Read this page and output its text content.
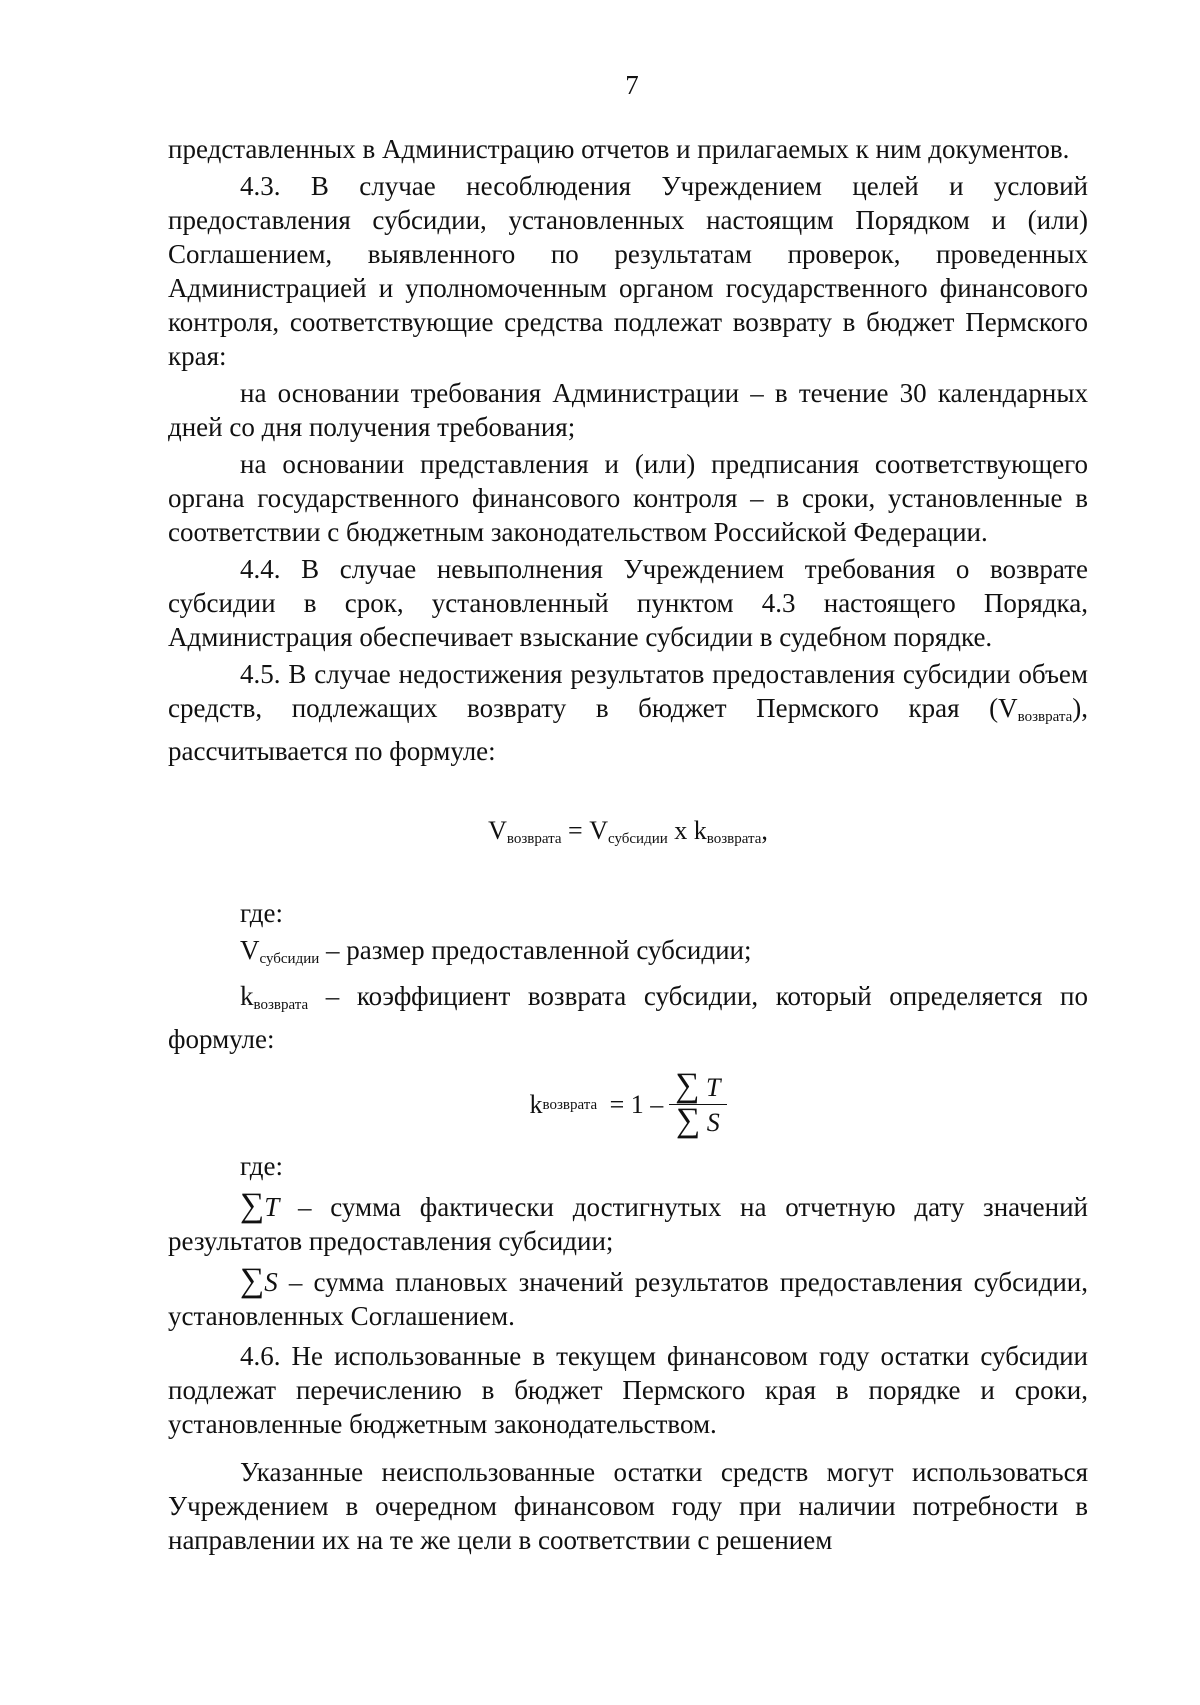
7

представленных в Администрацию отчетов и прилагаемых к ним документов.

4.3. В случае несоблюдения Учреждением целей и условий предоставления субсидии, установленных настоящим Порядком и (или) Соглашением, выявленного по результатам проверок, проведенных Администрацией и уполномоченным органом государственного финансового контроля, соответствующие средства подлежат возврату в бюджет Пермского края:

на основании требования Администрации – в течение 30 календарных дней со дня получения требования;

на основании представления и (или) предписания соответствующего органа государственного финансового контроля – в сроки, установленные в соответствии с бюджетным законодательством Российской Федерации.

4.4. В случае невыполнения Учреждением требования о возврате субсидии в срок, установленный пунктом 4.3 настоящего Порядка, Администрация обеспечивает взыскание субсидии в судебном порядке.

4.5. В случае недостижения результатов предоставления субсидии объем средств, подлежащих возврату в бюджет Пермского края $(V_{возврата})$, рассчитывается по формуле:

$V_{возврата} = V_{субсидии}$ x $k_{возврата}$,

где:

$V_{субсидии}$ – размер предоставленной субсидии;

$k_{возврата}$ – коэффициент возврата субсидии, который определяется по формуле:

k возврата = $1 - \frac{\sum T}{\sum S}$

где:

∑T – сумма фактически достигнутых на отчетную дату значений результатов предоставления субсидии;

∑S – сумма плановых значений результатов предоставления субсидии, установленных Соглашением.

4.6. Не использованные в текущем финансовом году остатки субсидии подлежат перечислению в бюджет Пермского края в порядке и сроки, установленные бюджетным законодательством.

Указанные неиспользованные остатки средств могут использоваться Учреждением в очередном финансовом году при наличии потребности в направлении их на те же цели в соответствии с решением
